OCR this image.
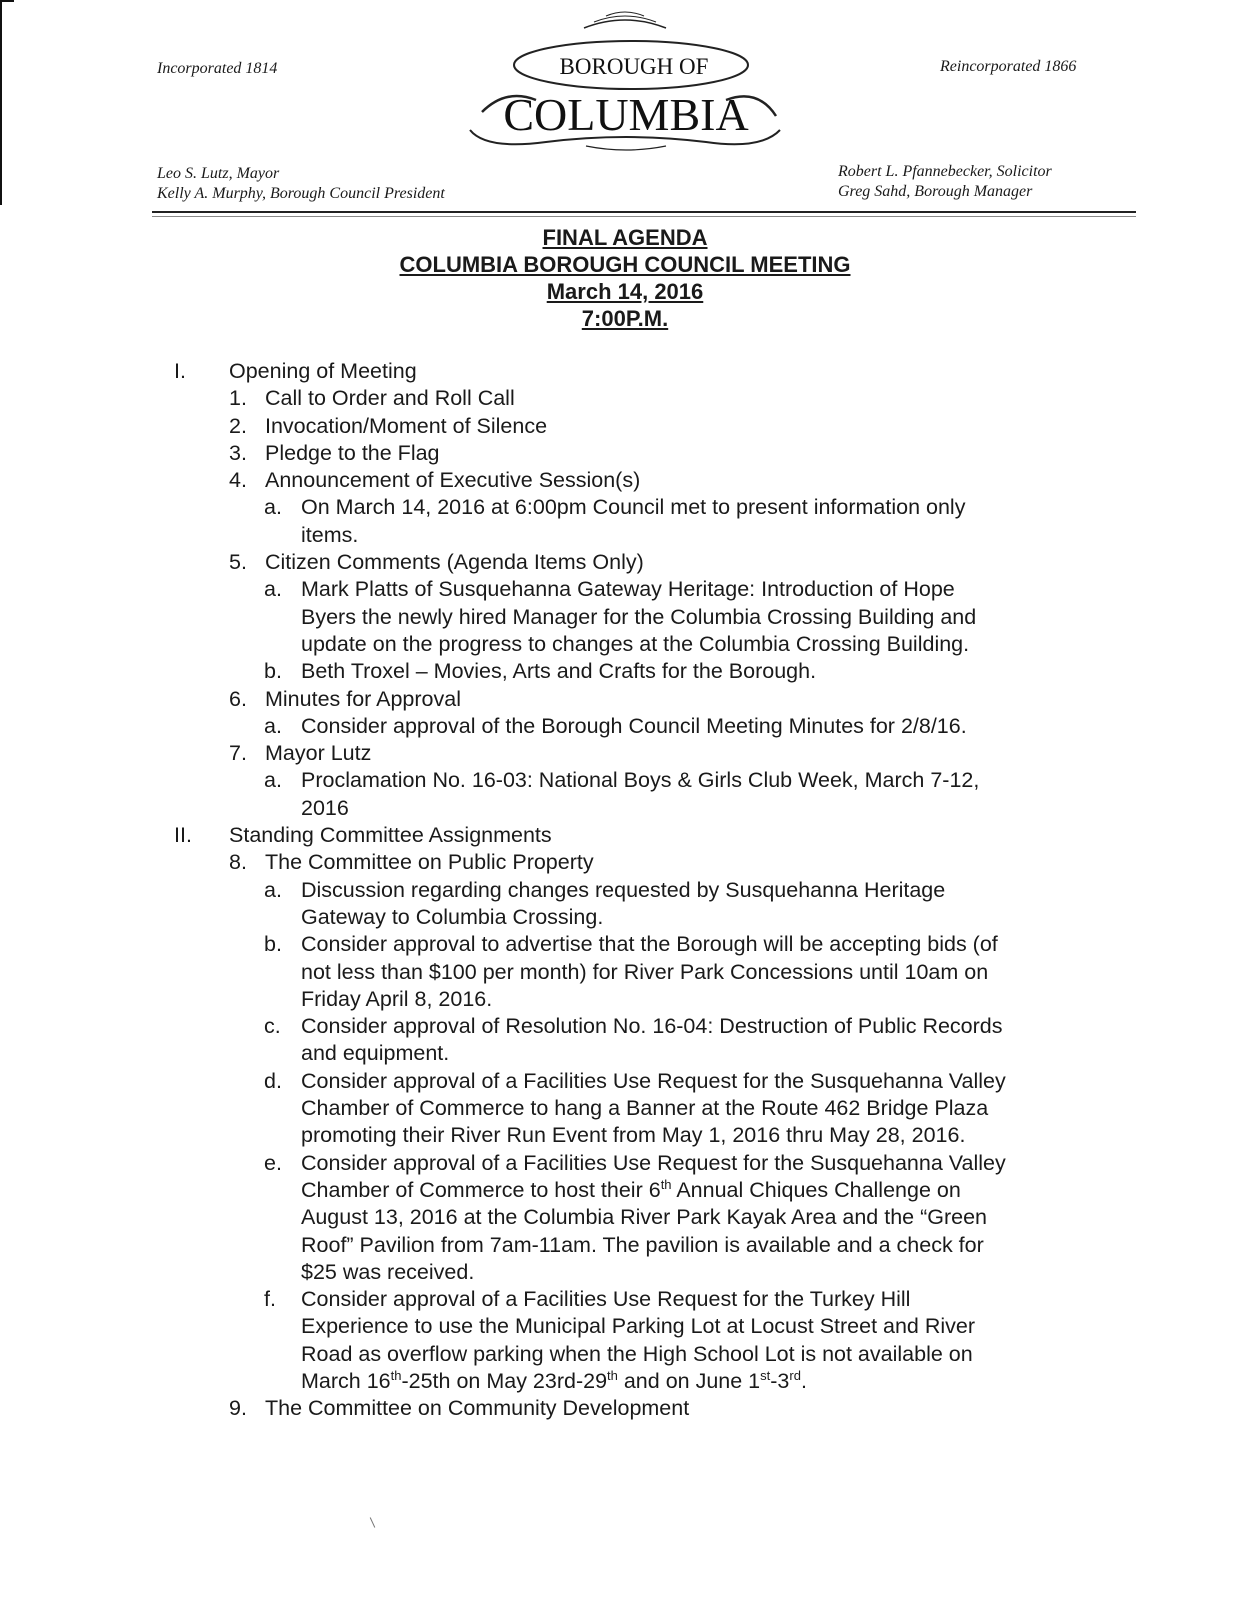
Incorporated 1814	Reincorporated 1866
BOROUGH OF
COLUMBIA
Leo S. Lutz, Mayor
Kelly A. Murphy, Borough Council President
Robert L. Pfannebecker, Solicitor
Greg Sahd, Borough Manager
FINAL AGENDA
COLUMBIA BOROUGH COUNCIL MEETING
March 14, 2016
7:00P.M.
I. Opening of Meeting
1. Call to Order and Roll Call
2. Invocation/Moment of Silence
3. Pledge to the Flag
4. Announcement of Executive Session(s)
a. On March 14, 2016 at 6:00pm Council met to present information only
items.
5. Citizen Comments (Agenda Items Only)
a. Mark Platts of Susquehanna Gateway Heritage: Introduction of Hope
Byers the newly hired Manager for the Columbia Crossing Building and
update on the progress to changes at the Columbia Crossing Building.
b. Beth Troxel – Movies, Arts and Crafts for the Borough.
6. Minutes for Approval
a. Consider approval of the Borough Council Meeting Minutes for 2/8/16.
7. Mayor Lutz
a. Proclamation No. 16-03: National Boys & Girls Club Week, March 7-12,
2016
II. Standing Committee Assignments
8. The Committee on Public Property
a. Discussion regarding changes requested by Susquehanna Heritage
Gateway to Columbia Crossing.
b. Consider approval to advertise that the Borough will be accepting bids (of
not less than $100 per month) for River Park Concessions until 10am on
Friday April 8, 2016.
c. Consider approval of Resolution No. 16-04: Destruction of Public Records
and equipment.
d. Consider approval of a Facilities Use Request for the Susquehanna Valley
Chamber of Commerce to hang a Banner at the Route 462 Bridge Plaza
promoting their River Run Event from May 1, 2016 thru May 28, 2016.
e. Consider approval of a Facilities Use Request for the Susquehanna Valley
Chamber of Commerce to host their 6th Annual Chiques Challenge on
August 13, 2016 at the Columbia River Park Kayak Area and the “Green
Roof” Pavilion from 7am-11am. The pavilion is available and a check for
$25 was received.
f. Consider approval of a Facilities Use Request for the Turkey Hill
Experience to use the Municipal Parking Lot at Locust Street and River
Road as overflow parking when the High School Lot is not available on
March 16th-25th on May 23rd-29th and on June 1st-3rd.
9. The Committee on Community Development
